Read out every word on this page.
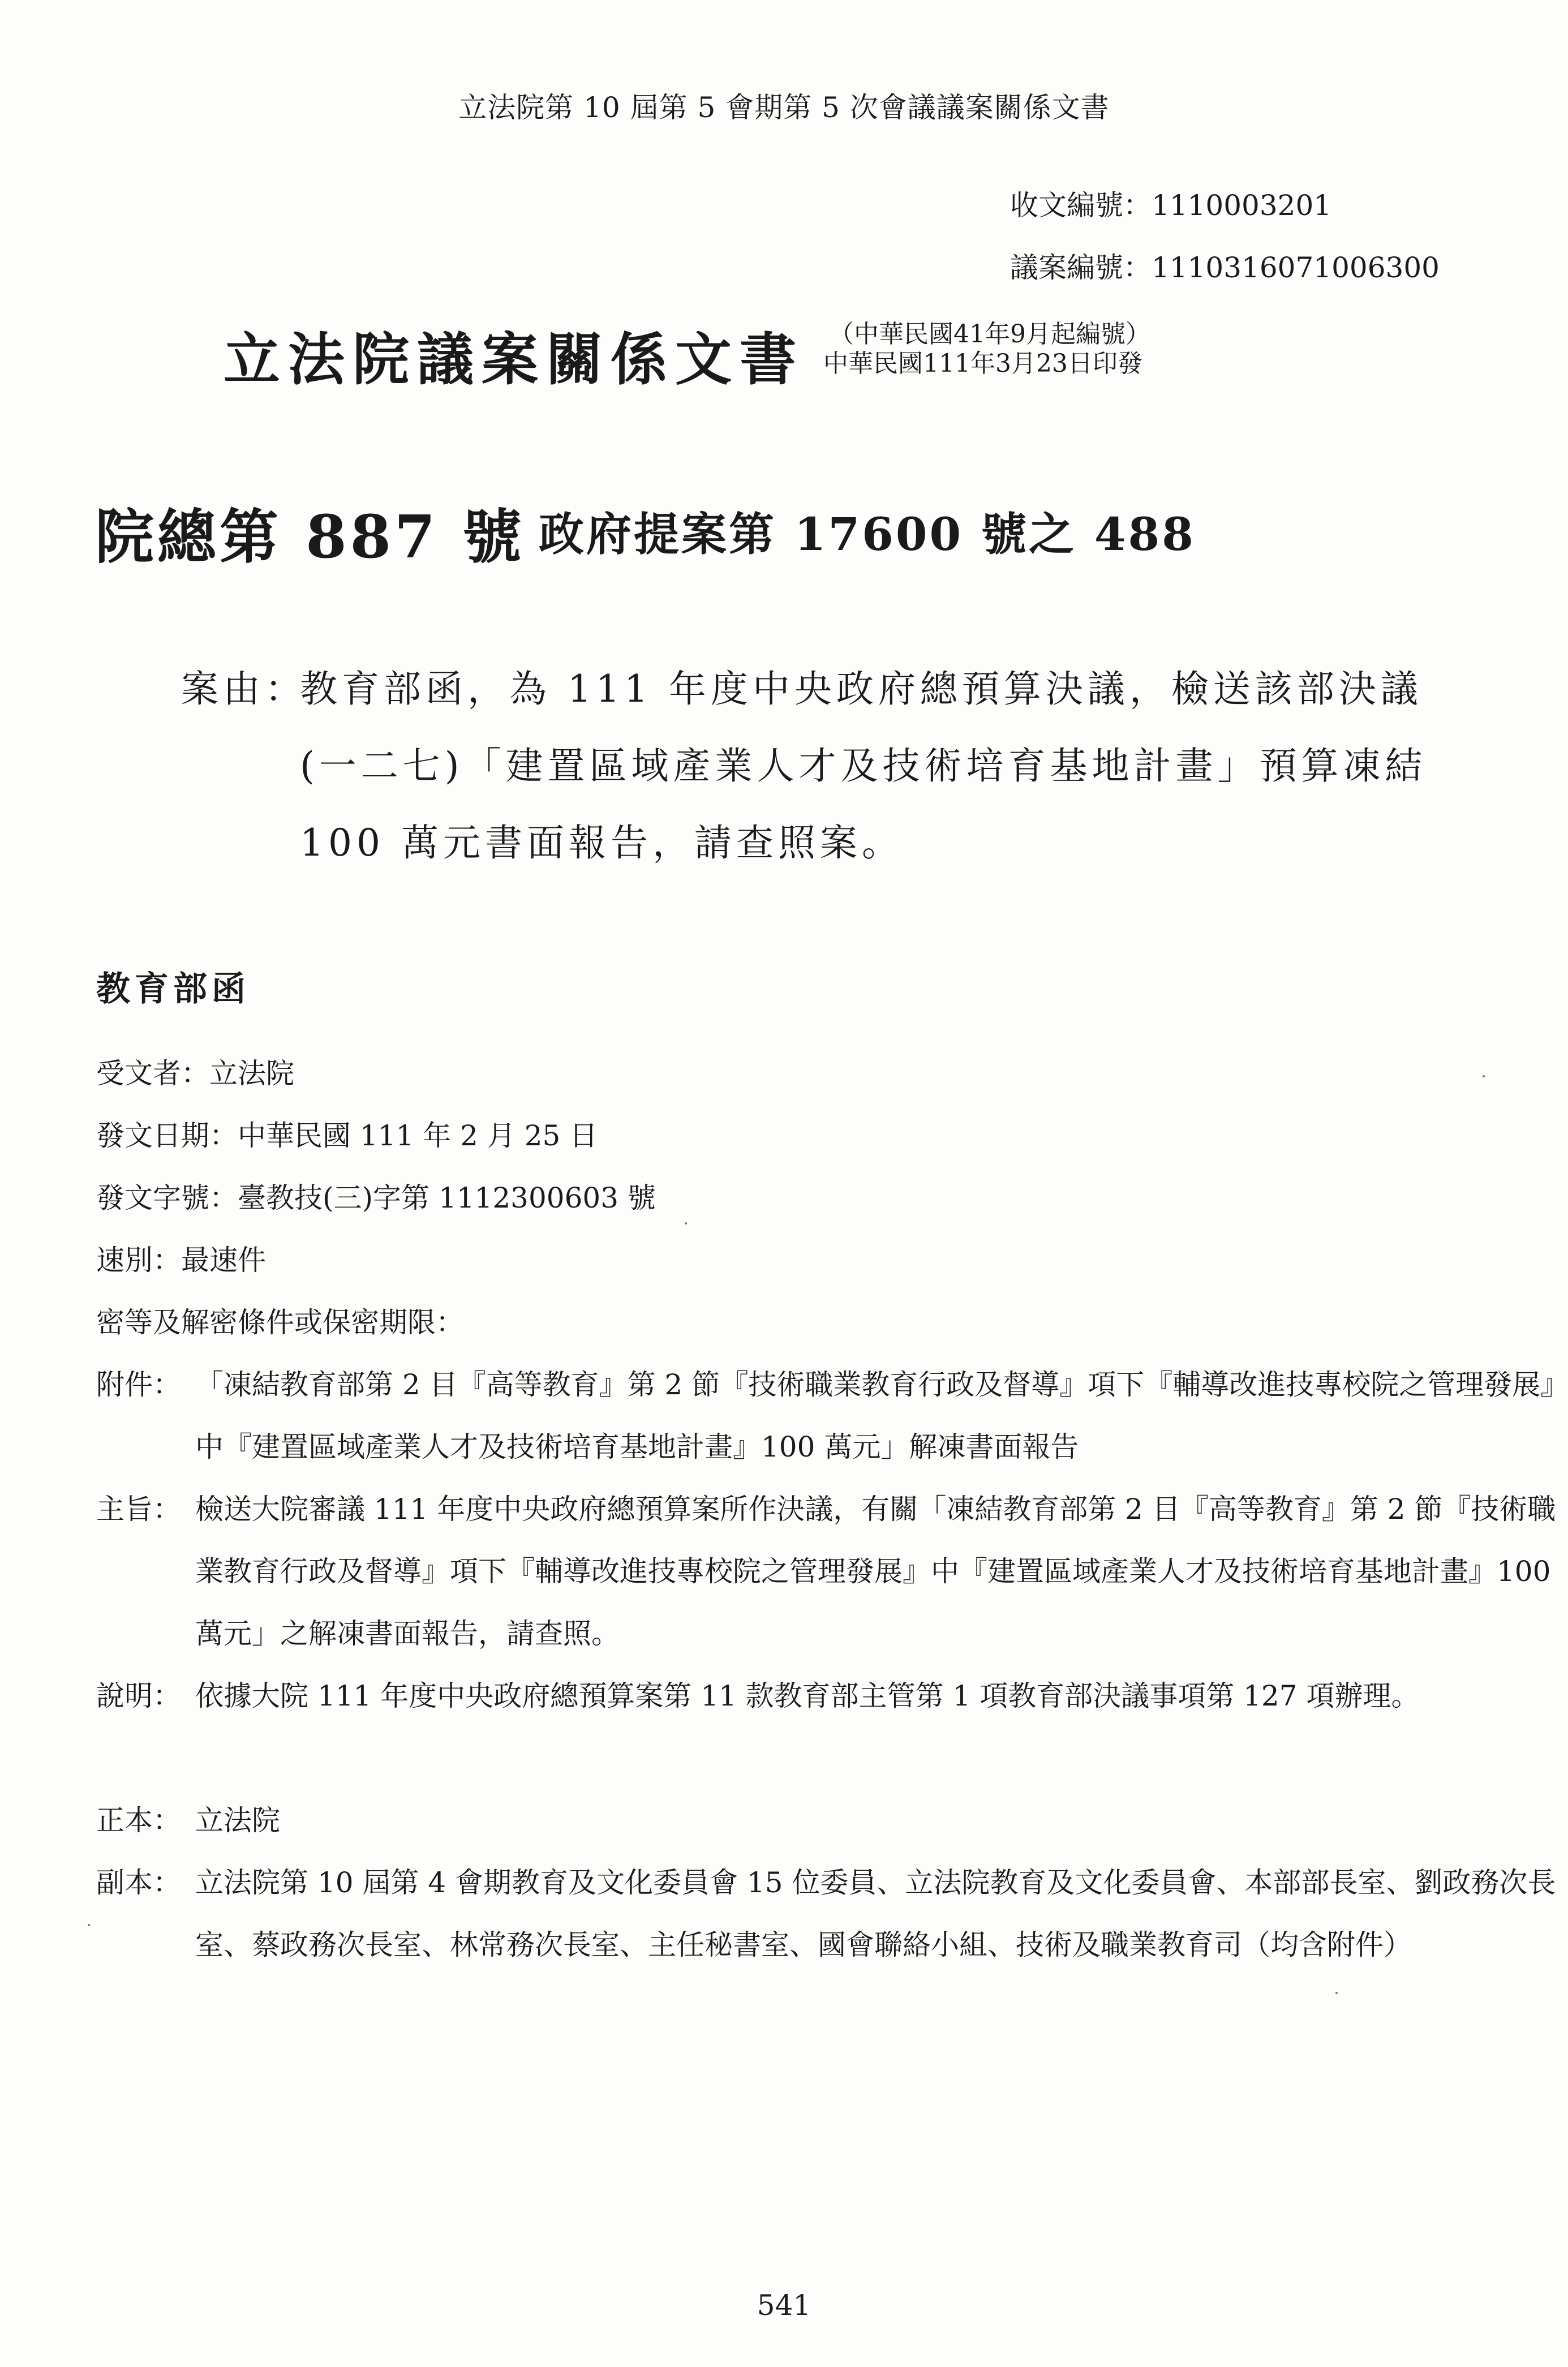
立法院第 10 屆第 5 會期第 5 次會議議案關係文書
收文編號：1110003201
議案編號：1110316071006300
立法院議案關係文書 （中華民國41年9月起編號）
中華民國111年3月23日印發
院總第 887 號 政府提案第 17600 號之 488
案由：
教育部函，為 111 年度中央政府總預算決議，檢送該部決議(一二七)「建置區域產業人才及技術培育基地計畫」預算凍結 100 萬元書面報告，請查照案。
教育部函
受文者：立法院
發文日期：中華民國 111 年 2 月 25 日
發文字號：臺教技(三)字第 1112300603 號
速別：最速件
密等及解密條件或保密期限：
附件： 「凍結教育部第 2 目『高等教育』第 2 節『技術職業教育行政及督導』項下『輔導改進技專校院之管理發展』中『建置區域產業人才及技術培育基地計畫』100 萬元」解凍書面報告
主旨： 檢送大院審議 111 年度中央政府總預算案所作決議，有關「凍結教育部第 2 目『高等教育』第 2 節『技術職業教育行政及督導』項下『輔導改進技專校院之管理發展』中『建置區域產業人才及技術培育基地計畫』100 萬元」之解凍書面報告，請查照。
說明： 依據大院 111 年度中央政府總預算案第 11 款教育部主管第 1 項教育部決議事項第 127 項辦理。
正本： 立法院
副本： 立法院第 10 屆第 4 會期教育及文化委員會 15 位委員、立法院教育及文化委員會、本部部長室、劉政務次長室、蔡政務次長室、林常務次長室、主任秘書室、國會聯絡小組、技術及職業教育司（均含附件）
541
